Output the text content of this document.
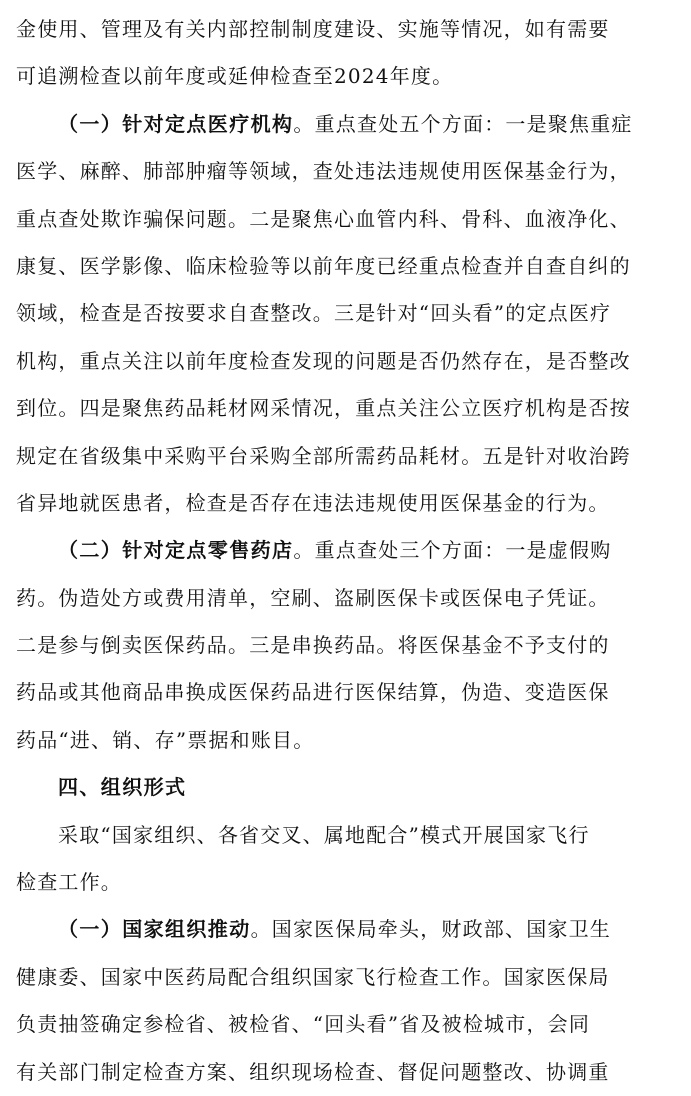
金使用、管理及有关内部控制制度建设、实施等情况，如有需要
可追溯检查以前年度或延伸检查至2024年度。
（一）针对定点医疗机构。重点查处五个方面：一是聚焦重症
医学、麻醉、肺部肿瘤等领域，查处违法违规使用医保基金行为，
重点查处欺诈骗保问题。二是聚焦心血管内科、骨科、血液净化、
康复、医学影像、临床检验等以前年度已经重点检查并自查自纠的
领域，检查是否按要求自查整改。三是针对“回头看”的定点医疗
机构，重点关注以前年度检查发现的问题是否仍然存在，是否整改
到位。四是聚焦药品耗材网采情况，重点关注公立医疗机构是否按
规定在省级集中采购平台采购全部所需药品耗材。五是针对收治跨
省异地就医患者，检查是否存在违法违规使用医保基金的行为。
（二）针对定点零售药店。重点查处三个方面：一是虚假购
药。伪造处方或费用清单，空刷、盗刷医保卡或医保电子凭证。
二是参与倒卖医保药品。三是串换药品。将医保基金不予支付的
药品或其他商品串换成医保药品进行医保结算，伪造、变造医保
药品“进、销、存”票据和账目。
四、组织形式
采取“国家组织、各省交叉、属地配合”模式开展国家飞行
检查工作。
（一）国家组织推动。国家医保局牵头，财政部、国家卫生
健康委、国家中医药局配合组织国家飞行检查工作。国家医保局
负责抽签确定参检省、被检省、“回头看”省及被检城市，会同
有关部门制定检查方案、组织现场检查、督促问题整改、协调重
